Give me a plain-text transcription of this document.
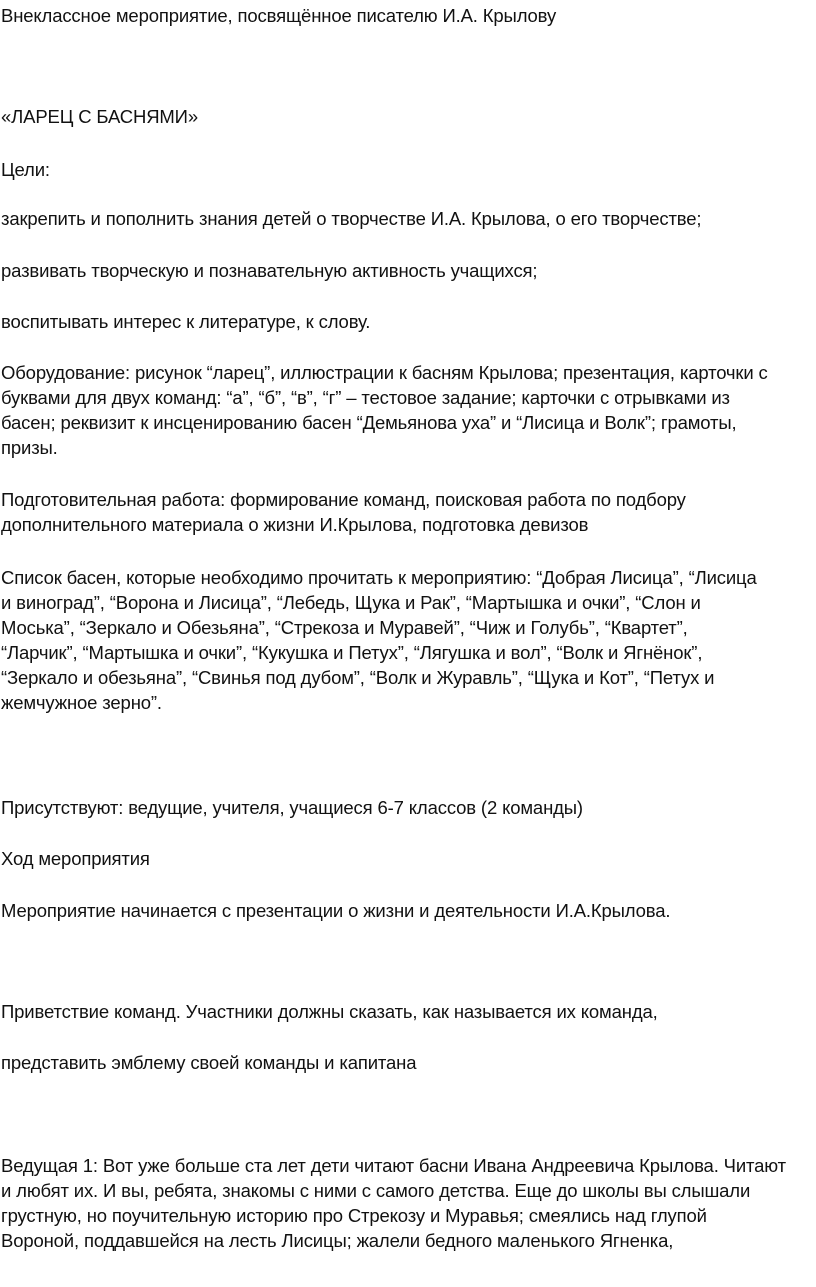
Внеклассное мероприятие, посвящённое писателю И.А. Крылову

«ЛАРЕЦ С БАСНЯМИ»

Цели:

закрепить и пополнить знания детей о творчестве И.А. Крылова, о его творчестве;

развивать творческую и познавательную активность учащихся;

воспитывать интерес к литературе, к слову.

Оборудование: рисунок “ларец”, иллюстрации к басням Крылова; презентация, карточки с
буквами для двух команд: “а”, “б”, “в”, “г” – тестовое задание; карточки с отрывками из
басен; реквизит к инсценированию басен “Демьянова уха” и “Лисица и Волк”; грамоты,
призы.
Подготовительная работа: формирование команд, поисковая работа по подбору
дополнительного материала о жизни И.Крылова, подготовка девизов
Список басен, которые необходимо прочитать к мероприятию: “Добрая Лисица”, “Лисица
и виноград”, “Ворона и Лисица”, “Лебедь, Щука и Рак”, “Мартышка и очки”, “Слон и
Моська”, “Зеркало и Обезьяна”, “Стрекоза и Муравей”, “Чиж и Голубь”, “Квартет”,
“Ларчик”, “Мартышка и очки”, “Кукушка и Петух”, “Лягушка и вол”, “Волк и Ягнёнок”,
“Зеркало и обезьяна”, “Свинья под дубом”, “Волк и Журавль”, “Щука и Кот”, “Петух и
жемчужное зерно”.

Присутствуют: ведущие, учителя, учащиеся 6-7 классов (2 команды)

Ход мероприятия

Мероприятие начинается с презентации о жизни и деятельности И.А.Крылова.

Приветствие команд. Участники должны сказать, как называется их команда,

представить эмблему своей команды и капитана

Ведущая 1: Вот уже больше ста лет дети читают басни Ивана Андреевича Крылова. Читают
и любят их. И вы, ребята, знакомы с ними с самого детства. Еще до школы вы слышали
грустную, но поучительную историю про Стрекозу и Муравья; смеялись над глупой
Вороной, поддавшейся на лесть Лисицы; жалели бедного маленького Ягненка,
